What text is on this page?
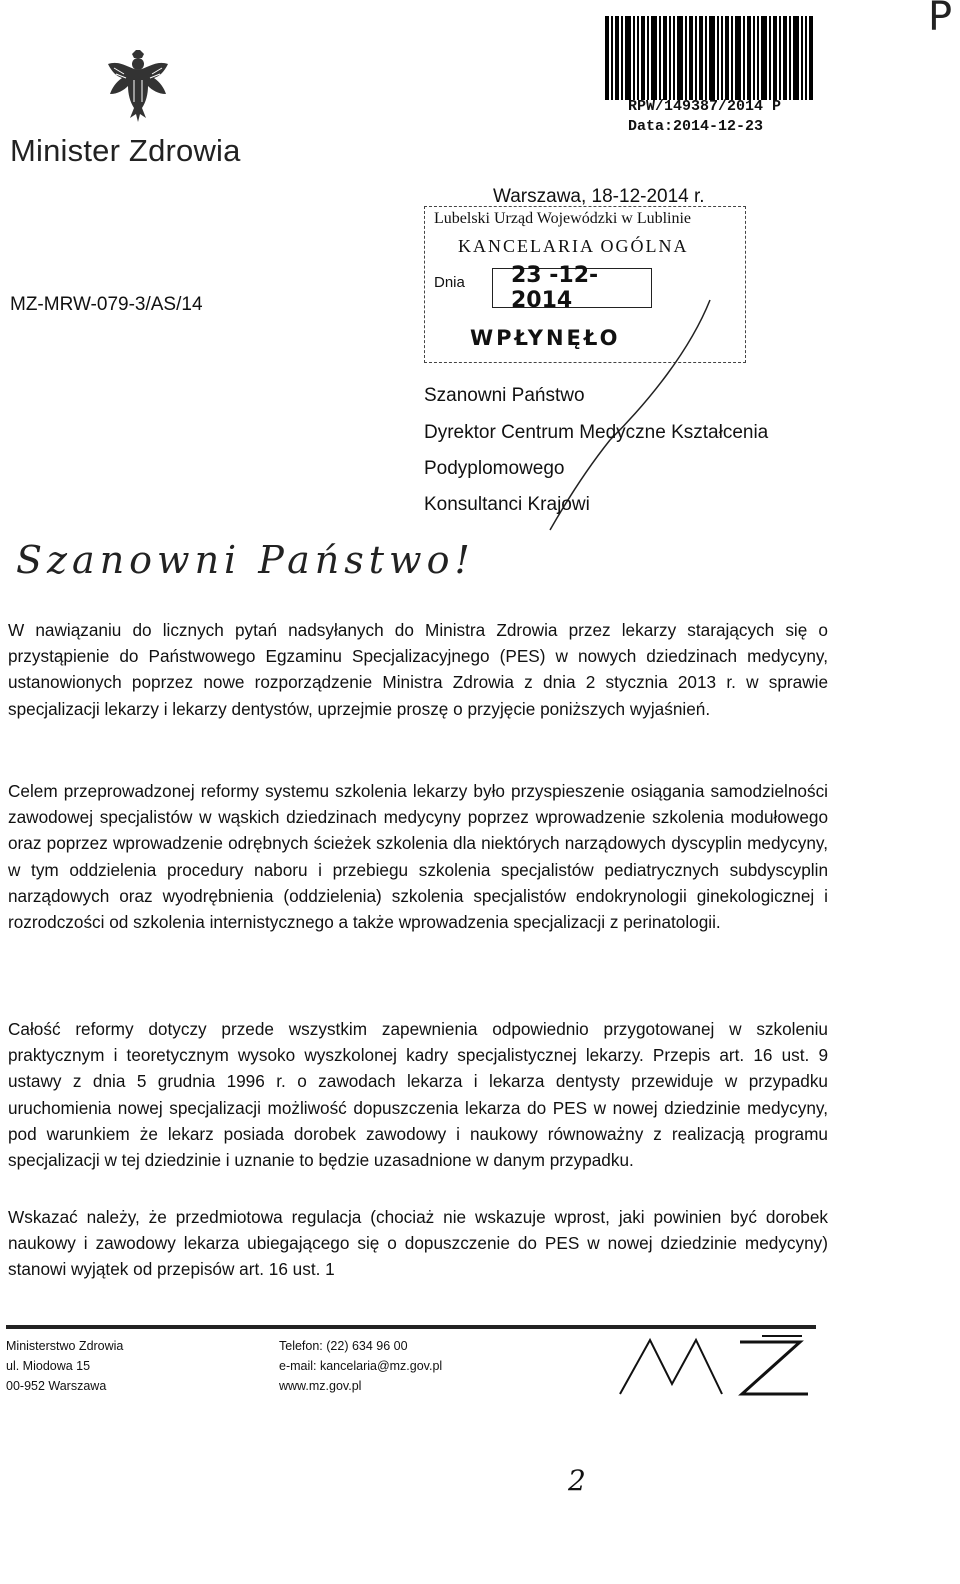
P
Minister Zdrowia
MZ-MRW-079-3/AS/14
RPW/149387/2014 P
Data:2014-12-23
Warszawa, 18-12-2014 r.
Lubelski Urząd Wojewódzki w Lublinie
KANCELARIA OGÓLNA
Dnia	23 -12- 2014
WPŁYNĘŁO
Szanowni Państwo
Dyrektor Centrum Medyczne Kształcenia
Podyplomowego
Konsultanci Krajowi
Szanowni Państwo!
W nawiązaniu do licznych pytań nadsyłanych do Ministra Zdrowia przez lekarzy starających się o przystąpienie do Państwowego Egzaminu Specjalizacyjnego (PES) w nowych dziedzinach medycyny, ustanowionych poprzez nowe rozporządzenie Ministra Zdrowia z dnia 2 stycznia 2013 r. w sprawie specjalizacji lekarzy i lekarzy dentystów, uprzejmie proszę o przyjęcie poniższych wyjaśnień.
Celem przeprowadzonej reformy systemu szkolenia lekarzy było przyspieszenie osiągania samodzielności zawodowej specjalistów w wąskich dziedzinach medycyny poprzez wprowadzenie szkolenia modułowego oraz poprzez wprowadzenie odrębnych ścieżek szkolenia dla niektórych narządowych dyscyplin medycyny, w tym oddzielenia procedury naboru i przebiegu szkolenia specjalistów pediatrycznych subdyscyplin narządowych oraz wyodrębnienia (oddzielenia) szkolenia specjalistów endokrynologii ginekologicznej i rozrodczości od szkolenia internistycznego a także wprowadzenia specjalizacji z perinatologii.
Całość reformy dotyczy przede wszystkim zapewnienia odpowiednio przygotowanej w szkoleniu praktycznym i teoretycznym wysoko wyszkolonej kadry specjalistycznej lekarzy. Przepis art. 16 ust. 9 ustawy z dnia 5 grudnia 1996 r. o zawodach lekarza i lekarza dentysty przewiduje w przypadku uruchomienia nowej specjalizacji możliwość dopuszczenia lekarza do PES w nowej dziedzinie medycyny, pod warunkiem że lekarz posiada dorobek zawodowy i naukowy równoważny z realizacją programu specjalizacji w tej dziedzinie i uznanie to będzie uzasadnione w danym przypadku.
Wskazać należy, że przedmiotowa regulacja (chociaż nie wskazuje wprost, jaki powinien być dorobek naukowy i zawodowy lekarza ubiegającego się o dopuszczenie do PES w nowej dziedzinie medycyny) stanowi wyjątek od przepisów art. 16 ust. 1
Ministerstwo Zdrowia
ul. Miodowa 15
00-952 Warszawa
Telefon: (22) 634 96 00
e-mail: kancelaria@mz.gov.pl
www.mz.gov.pl
2
